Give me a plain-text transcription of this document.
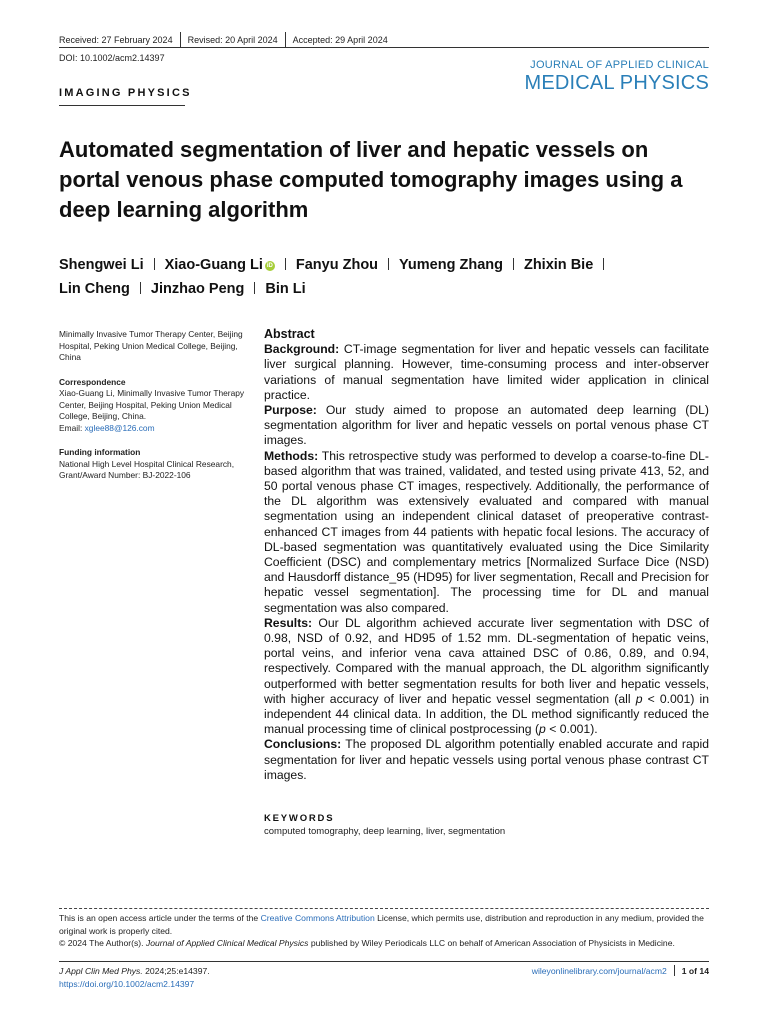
Received: 27 February 2024 Revised: 20 April 2024 Accepted: 29 April 2024
DOI: 10.1002/acm2.14397
JOURNAL OF APPLIED CLINICAL
MEDICAL PHYSICS
IMAGING PHYSICS
Automated segmentation of liver and hepatic vessels on portal venous phase computed tomography images using a deep learning algorithm
Shengwei Li Xiao-Guang Li iD Fanyu Zhou Yumeng Zhang Zhixin Bie
Lin Cheng Jinzhao Peng Bin Li
Minimally Invasive Tumor Therapy Center, Beijing Hospital, Peking Union Medical College, Beijing, China
Correspondence
Xiao-Guang Li, Minimally Invasive Tumor Therapy Center, Beijing Hospital, Peking Union Medical College, Beijing, China.
Email: xglee88@126.com
Funding information
National High Level Hospital Clinical Research, Grant/Award Number: BJ-2022-106
Abstract

Background: CT-image segmentation for liver and hepatic vessels can facilitate liver surgical planning. However, time-consuming process and inter-observer variations of manual segmentation have limited wider application in clinical practice.

Purpose: Our study aimed to propose an automated deep learning (DL) segmentation algorithm for liver and hepatic vessels on portal venous phase CT images.

Methods: This retrospective study was performed to develop a coarse-to-fine DL-based algorithm that was trained, validated, and tested using private 413, 52, and 50 portal venous phase CT images, respectively. Additionally, the performance of the DL algorithm was extensively evaluated and compared with manual segmentation using an independent clinical dataset of preoperative contrast-enhanced CT images from 44 patients with hepatic focal lesions. The accuracy of DL-based segmentation was quantitatively evaluated using the Dice Similarity Coefficient (DSC) and complementary metrics [Normalized Surface Dice (NSD) and Hausdorff distance_95 (HD95) for liver segmentation, Recall and Precision for hepatic vessel segmentation]. The processing time for DL and manual segmentation was also compared.

Results: Our DL algorithm achieved accurate liver segmentation with DSC of 0.98, NSD of 0.92, and HD95 of 1.52 mm. DL-segmentation of hepatic veins, portal veins, and inferior vena cava attained DSC of 0.86, 0.89, and 0.94, respectively. Compared with the manual approach, the DL algorithm significantly outperformed with better segmentation results for both liver and hepatic vessels, with higher accuracy of liver and hepatic vessel segmentation (all p < 0.001) in independent 44 clinical data. In addition, the DL method significantly reduced the manual processing time of clinical postprocessing (p < 0.001).

Conclusions: The proposed DL algorithm potentially enabled accurate and rapid segmentation for liver and hepatic vessels using portal venous phase contrast CT images.

KEYWORDS
computed tomography, deep learning, liver, segmentation

This is an open access article under the terms of the Creative Commons Attribution License, which permits use, distribution and reproduction in any medium, provided the original work is properly cited.

© 2024 The Author(s). Journal of Applied Clinical Medical Physics published by Wiley Periodicals LLC on behalf of American Association of Physicists in Medicine.

J Appl Clin Med Phys. 2024;25:e14397.
https://doi.org/10.1002/acm2.14397
wileyonlinelibrary.com/journal/acm2 1 of 14
